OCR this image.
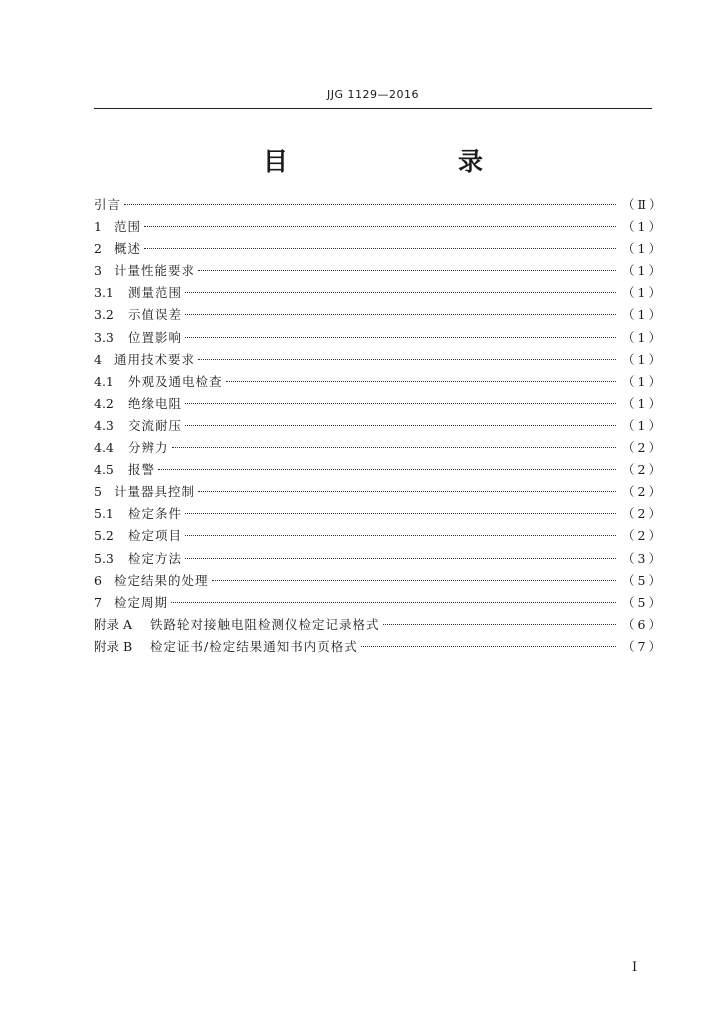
JJG 1129—2016
目　　录
引言	（Ⅱ）
1 范围	（1）
2 概述	（1）
3 计量性能要求	（1）
3.1	测量范围	（1）
3.2	示值误差	（1）
3.3	位置影响	（1）
4 通用技术要求	（1）
4.1	外观及通电检查	（1）
4.2	绝缘电阻	（1）
4.3	交流耐压	（1）
4.4	分辨力	（2）
4.5	报警	（2）
5 计量器具控制	（2）
5.1	检定条件	（2）
5.2	检定项目	（2）
5.3	检定方法	（3）
6 检定结果的处理	（5）
7 检定周期	（5）
附录 A	铁路轮对接触电阻检测仪检定记录格式	（6）
附录 B	检定证书/检定结果通知书内页格式	（7）
Ⅰ
